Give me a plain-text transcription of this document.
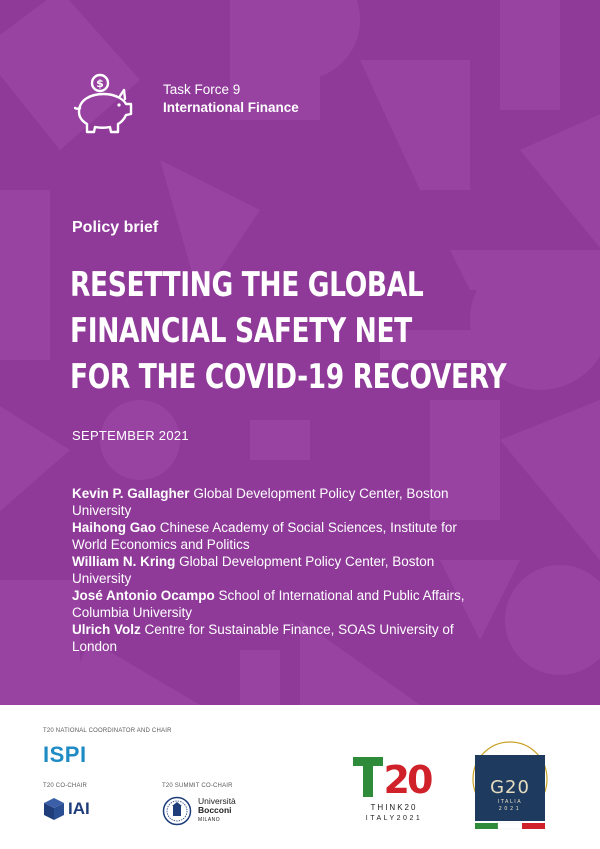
$	Task Force 9
International Finance
Policy brief
RESETTING THE GLOBAL
FINANCIAL SAFETY NET
FOR THE COVID-19 RECOVERY
SEPTEMBER 2021
Kevin P. Gallagher Global Development Policy Center, Boston University
Haihong Gao Chinese Academy of Social Sciences, Institute for World Economics and Politics
William N. Kring Global Development Policy Center, Boston University
José Antonio Ocampo School of International and Public Affairs, Columbia University
Ulrich Volz Centre for Sustainable Finance, SOAS University of London
T20 NATIONAL COORDINATOR AND CHAIR
ISPI
T20 CO-CHAIR
IAI
T20 SUMMIT CO-CHAIR
Università
Bocconi
MILANO
20
THINK20
ITALY2021
G20
ITALIA
2021
